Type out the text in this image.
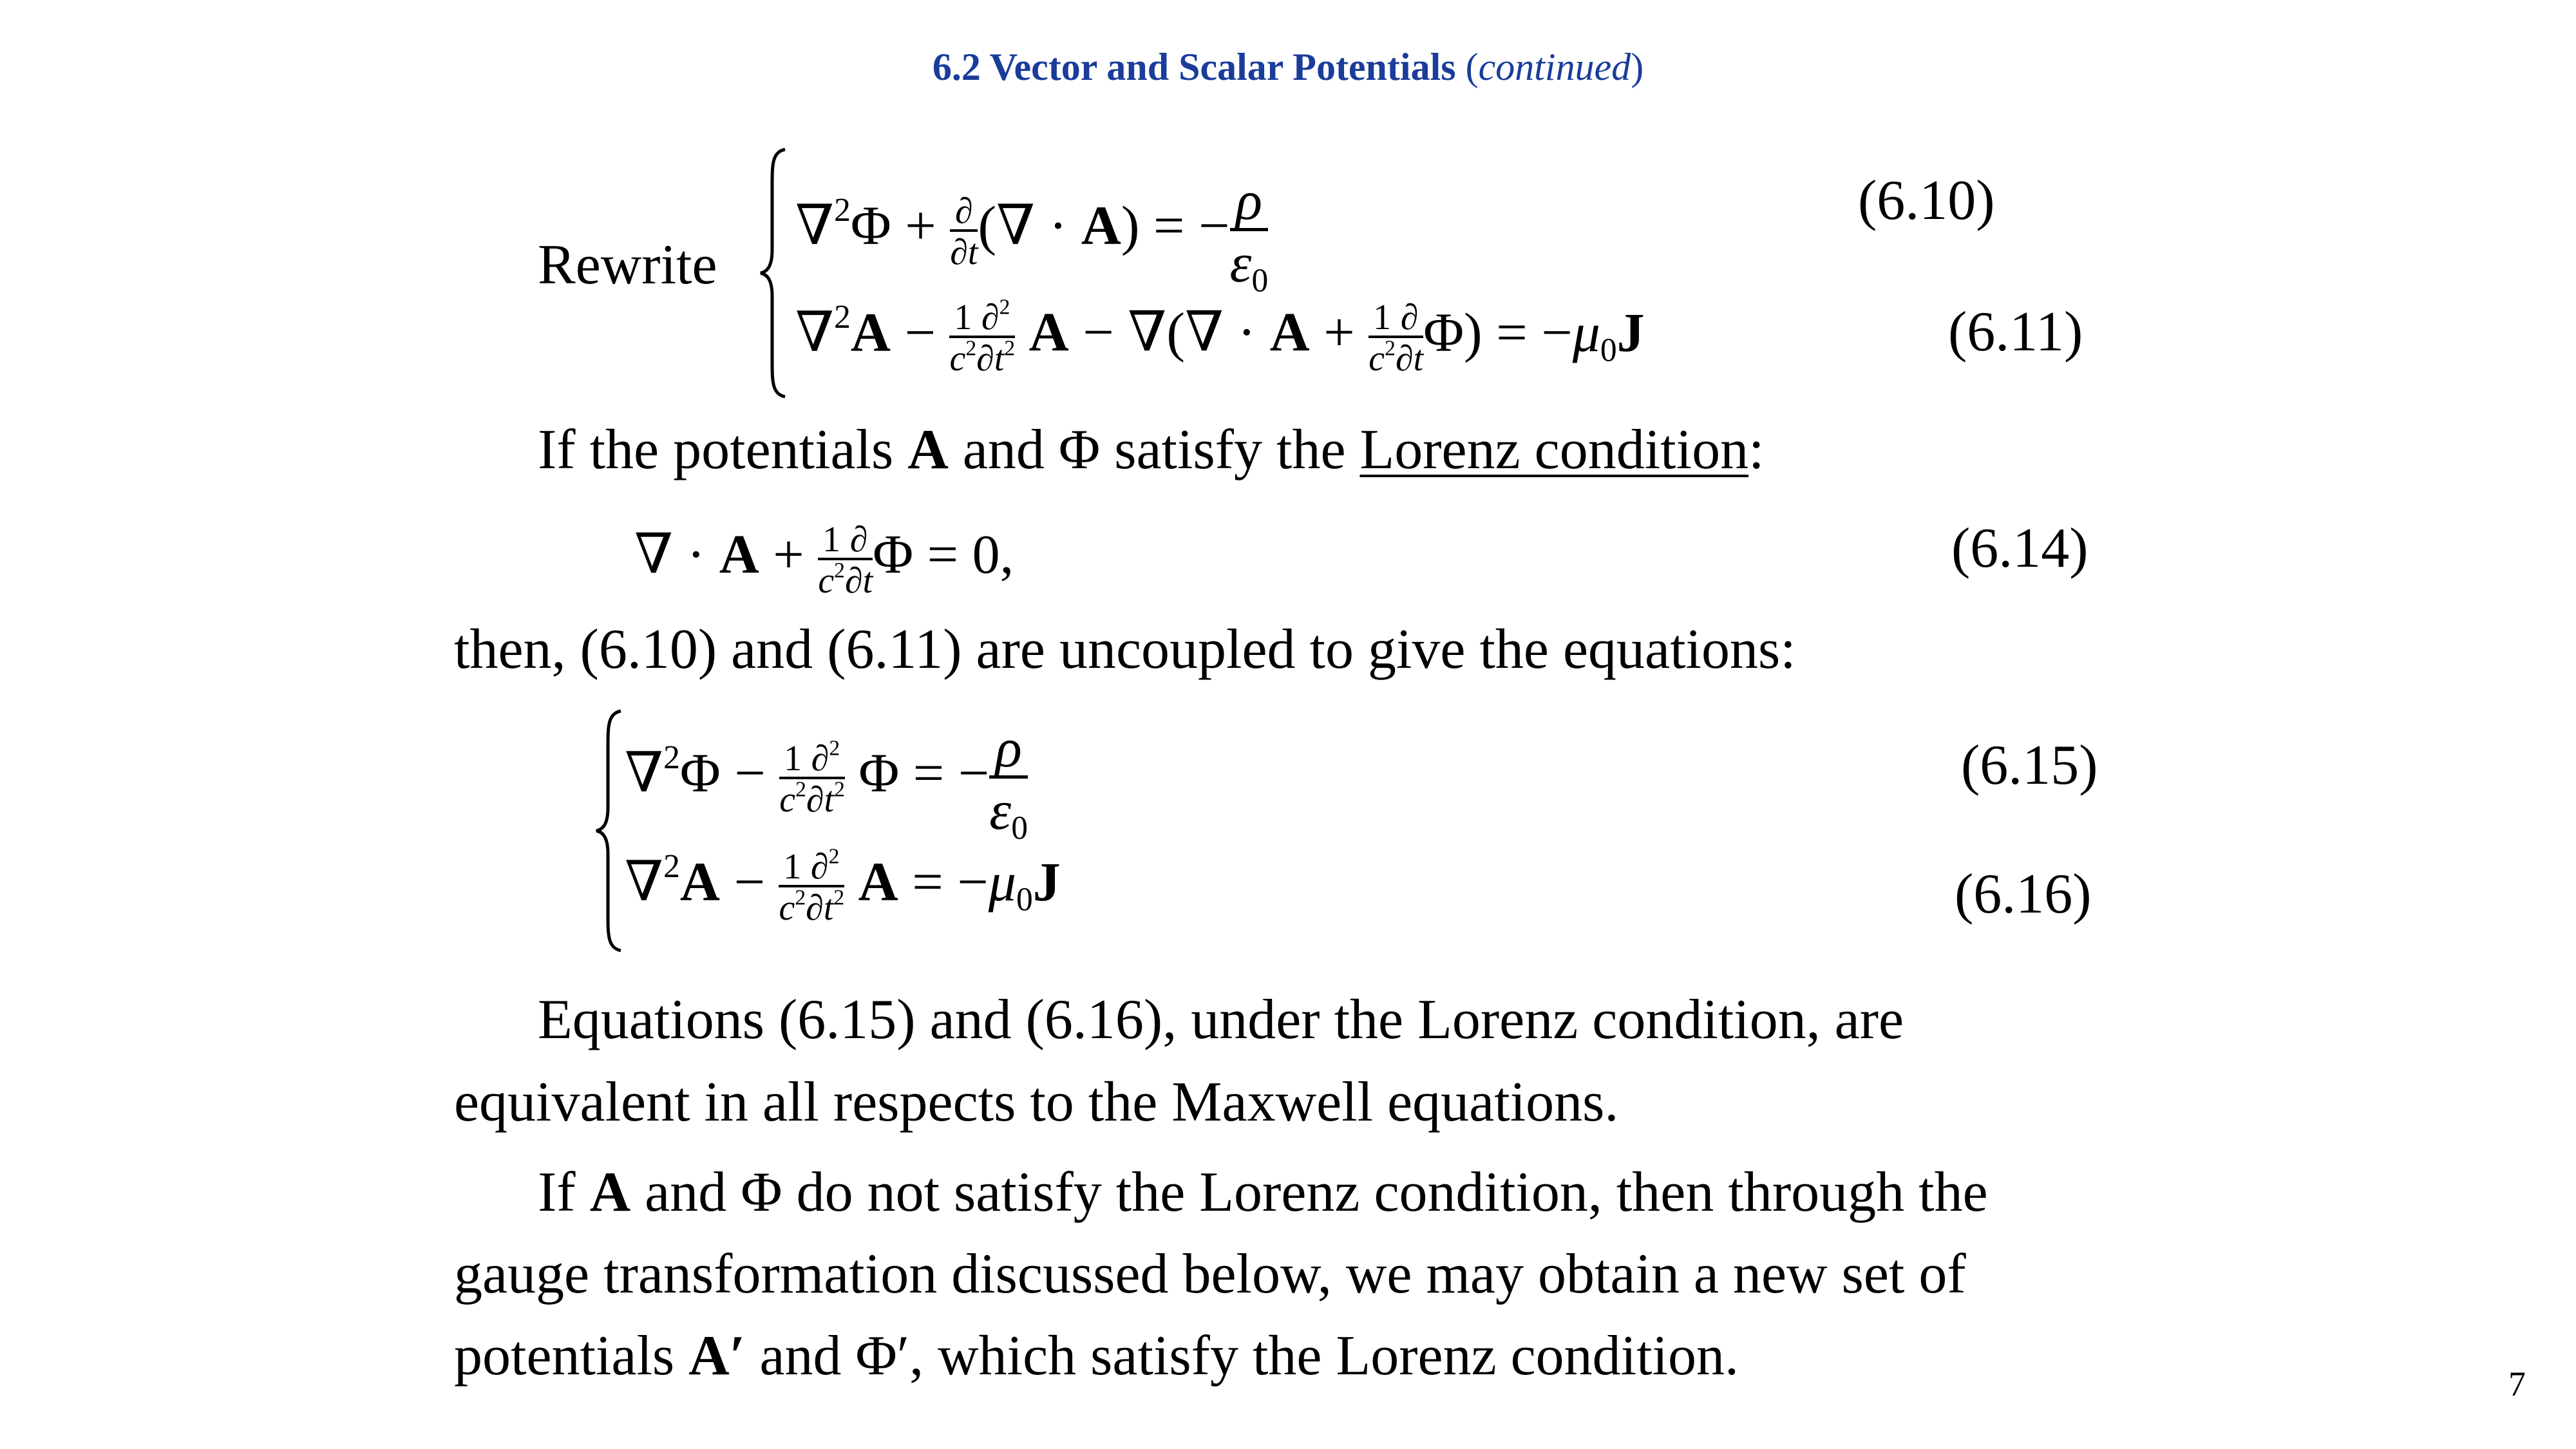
6.2 Vector and Scalar Potentials (continued)
Rewrite
$\nabla^2\Phi + \frac{\partial}{\partial t}$ (∇ · A) = − $\frac{\rho}{\varepsilon_0}$	(6.10)
$\nabla^2A - \frac{1}{c^2} \frac{\partial^2}{\partial t^2}$ A − ∇(∇ · $A + \frac{1}{c^2} \frac{\partial}{\partial t} \Phi) = -\mu_0J$	(6.11)
If the potentials A and Φ satisfy the Lorenz condition:
∇ · $A + \frac{1}{c^2} \frac{\partial}{\partial t}$ Φ = 0,	(6.14)
then, (6.10) and (6.11) are uncoupled to give the equations:
$\nabla^2\Phi - \frac{1}{c^2} \frac{\partial^2}{\partial t^2}$ Φ = − $\frac{\rho}{\varepsilon_0}$	(6.15)
$\nabla^2A - \frac{1}{c^2} \frac{\partial^2}{\partial t^2}$ $A = -\mu_0J$	(6.16)
Equations (6.15) and (6.16), under the Lorenz condition, are
equivalent in all respects to the Maxwell equations.
If A and Φ do not satisfy the Lorenz condition, then through the
gauge transformation discussed below, we may obtain a new set of
potentials A′ and Φ′, which satisfy the Lorenz condition.	7
